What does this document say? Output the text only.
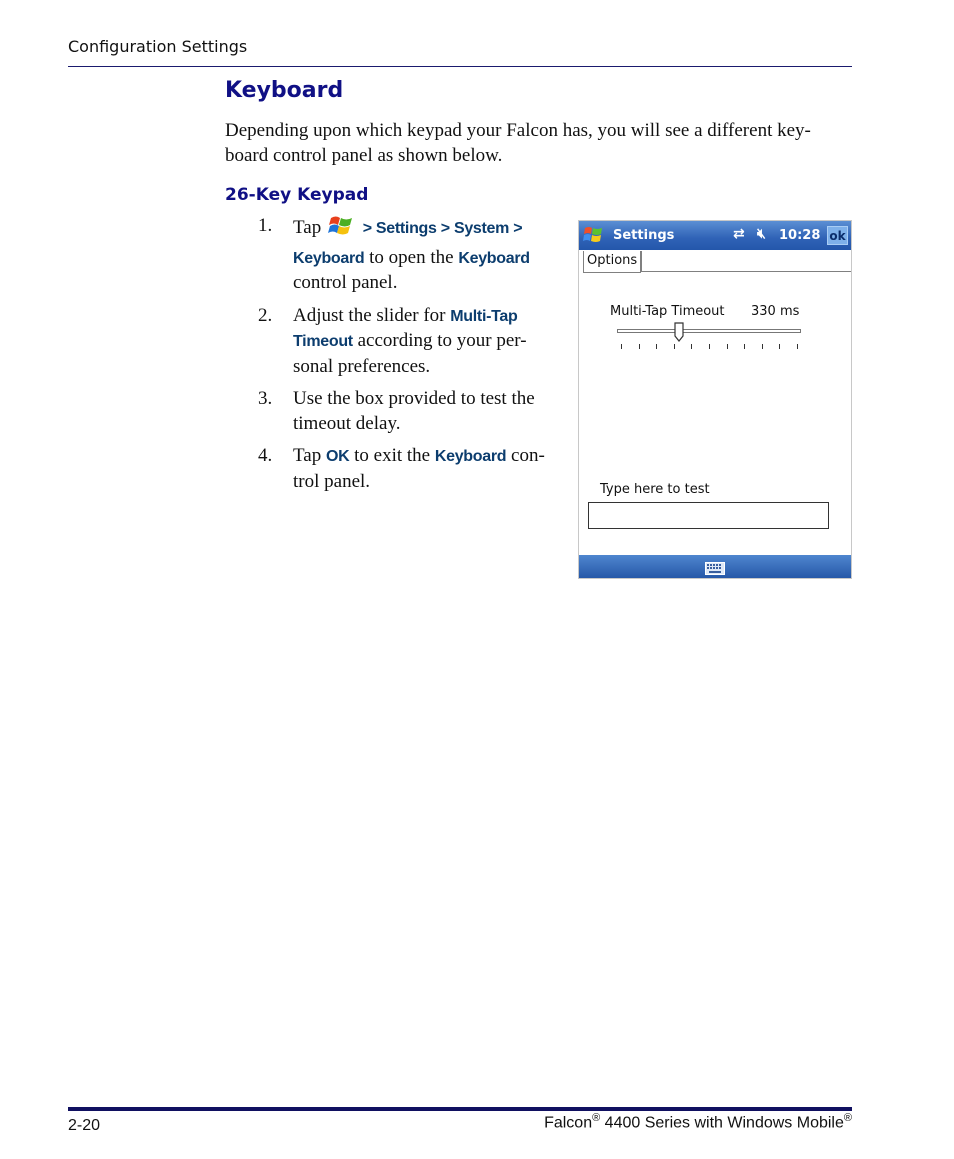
Configuration Settings
Keyboard

Depending upon which keypad your Falcon has, you will see a different key-board control panel as shown below.

26-Key Keypad
1. Tap	> Settings > System > Keyboard to open the Keyboard control panel.
2. Adjust the slider for Multi-Tap Timeout according to your per-sonal preferences.
3. Use the box provided to test the timeout delay.
4. Tap OK to exit the Keyboard con-trol panel.
Settings	⇄ 🔇︎ 10:28 ok
Options
Multi-Tap Timeout 330 ms
Type here to test
2-20	Falcon® 4400 Series with Windows Mobile®
